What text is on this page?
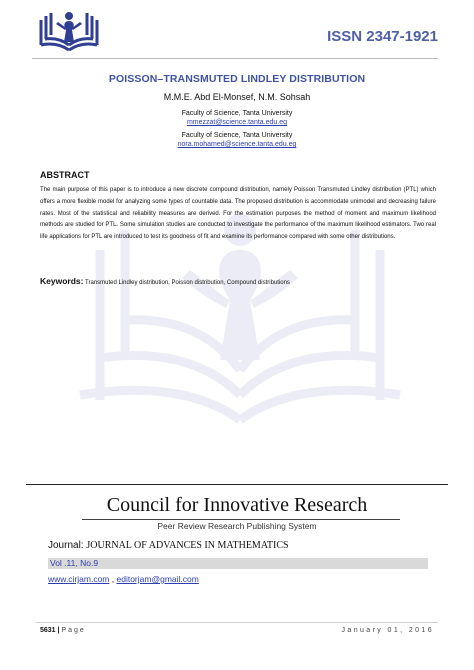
ISSN 2347-1921
POISSON–TRANSMUTED LINDLEY DISTRIBUTION
M.M.E. Abd El-Monsef, N.M. Sohsah
Faculty of Science, Tanta University
mmezzat@science.tanta.edu.eg
Faculty of Science, Tanta University
nora.mohamed@science.tanta.edu.eg
ABSTRACT
The main purpose of this paper is to introduce a new discrete compound distribution, namely Poisson Transmuted Lindley distribution (PTL) which offers a more flexible model for analyzing some types of countable data. The proposed distribution is accommodate unimodel and decreasing failure rates. Most of the statistical and reliability measures are derived. For the estimation purposes the method of moment and maximum likelihood methods are studied for PTL. Some simulation studies are conducted to investigate the performance of the maximum likelihood estimators. Two real life applications for PTL are introduced to test its goodness of fit and examine its performance compared with some other distributions.
Keywords: Transmuted Lindley distribution, Poisson distribution, Compound distributions
Council for Innovative Research
Peer Review Research Publishing System
Journal: JOURNAL OF ADVANCES IN MATHEMATICS
Vol .11, No.9
www.cirjam.com , editorjam@gmail.com
5631 | Page	January 01, 2016
